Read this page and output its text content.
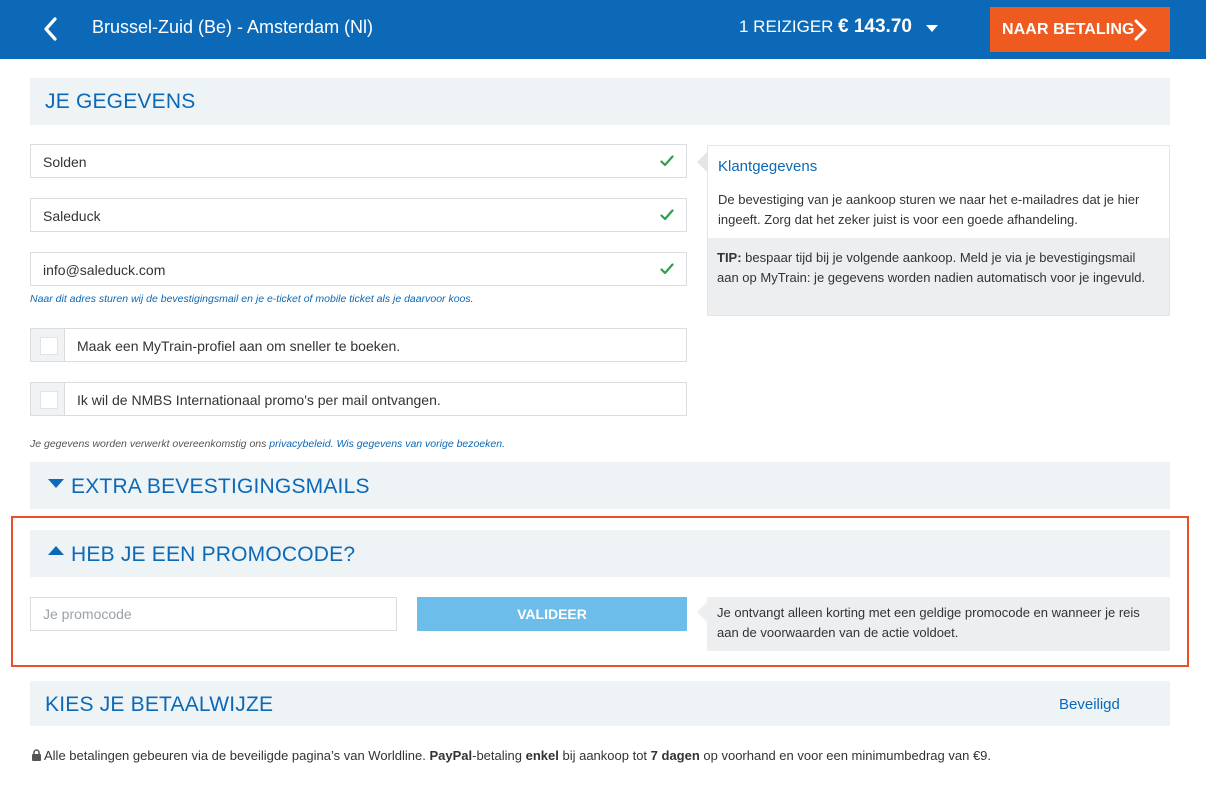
Brussel-Zuid (Be) - Amsterdam (Nl)	1 REIZIGER € 143.70	NAAR BETALING
JE GEGEVENS
Solden
Saleduck
info@saleduck.com
Naar dit adres sturen wij de bevestigingsmail en je e-ticket of mobile ticket als je daarvoor koos.
Maak een MyTrain-profiel aan om sneller te boeken.
Ik wil de NMBS Internationaal promo's per mail ontvangen.
Je gegevens worden verwerkt overeenkomstig ons privacybeleid. Wis gegevens van vorige bezoeken.
Klantgegevens
De bevestiging van je aankoop sturen we naar het e-mailadres dat je hier ingeeft. Zorg dat het zeker juist is voor een goede afhandeling.
TIP: bespaar tijd bij je volgende aankoop. Meld je via je bevestigingsmail aan op MyTrain: je gegevens worden nadien automatisch voor je ingevuld.
EXTRA BEVESTIGINGSMAILS
HEB JE EEN PROMOCODE?
Je promocode
VALIDEER	Je ontvangt alleen korting met een geldige promocode en wanneer je reis aan de voorwaarden van de actie voldoet.
KIES JE BETAALWIJZE	Beveiligd
Alle betalingen gebeuren via de beveiligde pagina’s van Worldline. PayPal-betaling enkel bij aankoop tot 7 dagen op voorhand en voor een minimumbedrag van €9.
